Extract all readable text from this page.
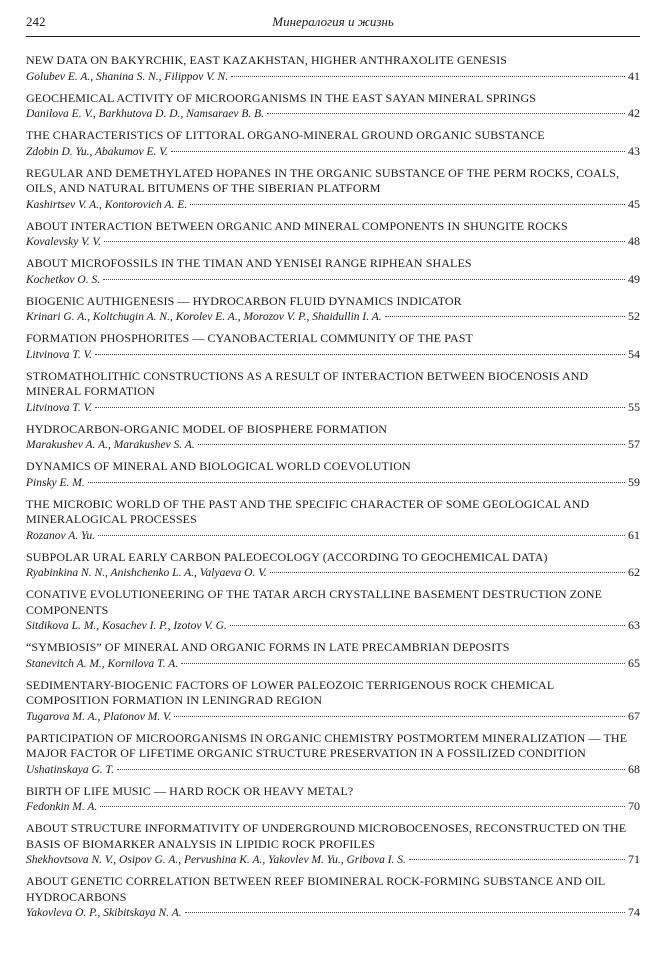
242	Минералогия и жизнь
NEW DATA ON BAKYRCHIK, EAST KAZAKHSTAN, HIGHER ANTHRAXOLITE GENESIS
Golubev E. A., Shanina S. N., Filippov V. N.	41
GEOCHEMICAL ACTIVITY OF MICROORGANISMS IN THE EAST SAYAN MINERAL SPRINGS
Danilova E. V., Barkhutova D. D., Namsaraev B. B.	42
THE CHARACTERISTICS OF LITTORAL ORGANO-MINERAL GROUND ORGANIC SUBSTANCE
Zdobin D. Yu., Abakumov E. V.	43
REGULAR AND DEMETHYLATED HOPANES IN THE ORGANIC SUBSTANCE OF THE PERM ROCKS, COALS, OILS, AND NATURAL BITUMENS OF THE SIBERIAN PLATFORM
Kashirtsev V. A., Kontorovich A. E.	45
ABOUT INTERACTION BETWEEN ORGANIC AND MINERAL COMPONENTS IN SHUNGITE ROCKS
Kovalevsky V. V.	48
ABOUT MICROFOSSILS IN THE TIMAN AND YENISEI RANGE RIPHEAN SHALES
Kochetkov O. S.	49
BIOGENIC AUTHIGENESIS — HYDROCARBON FLUID DYNAMICS INDICATOR
Krinari G. A., Koltchugin A. N., Korolev E. A., Morozov V. P., Shaidullin I. A.	52
FORMATION PHOSPHORITES — CYANOBACTERIAL COMMUNITY OF THE PAST
Litvinova T. V.	54
STROMATHOLITHIC CONSTRUCTIONS AS A RESULT OF INTERACTION BETWEEN BIOCENOSIS AND MINERAL FORMATION
Litvinova T. V.	55
HYDROCARBON-ORGANIC MODEL OF BIOSPHERE FORMATION
Marakushev A. A., Marakushev S. A.	57
DYNAMICS OF MINERAL AND BIOLOGICAL WORLD COEVOLUTION
Pinsky E. M.	59
THE MICROBIC WORLD OF THE PAST AND THE SPECIFIC CHARACTER OF SOME GEOLOGICAL AND MINERALOGICAL PROCESSES
Rozanov A. Yu.	61
SUBPOLAR URAL EARLY CARBON PALEOECOLOGY (ACCORDING TO GEOCHEMICAL DATA)
Ryabinkina N. N., Anishchenko L. A., Valyaeva O. V.	62
CONATIVE EVOLUTIONEERING OF THE TATAR ARCH CRYSTALLINE BASEMENT DESTRUCTION ZONE COMPONENTS
Sitdikova L. M., Kosachev I. P., Izotov V. G.	63
“SYMBIOSIS” OF MINERAL AND ORGANIC FORMS IN LATE PRECAMBRIAN DEPOSITS
Stanevitch A. M., Kornilova T. A.	65
SEDIMENTARY-BIOGENIC FACTORS OF LOWER PALEOZOIC TERRIGENOUS ROCK CHEMICAL COMPOSITION FORMATION IN LENINGRAD REGION
Tugarova M. A., Platonov M. V.	67
PARTICIPATION OF MICROORGANISMS IN ORGANIC CHEMISTRY POSTMORTEM MINERALIZATION — THE MAJOR FACTOR OF LIFETIME ORGANIC STRUCTURE PRESERVATION IN A FOSSILIZED CONDITION
Ushatinskaya G. T.	68
BIRTH OF LIFE MUSIC — HARD ROCK OR HEAVY METAL?
Fedonkin M. A.	70
ABOUT STRUCTURE INFORMATIVITY OF UNDERGROUND MICROBOCENOSES, RECONSTRUCTED ON THE BASIS OF BIOMARKER ANALYSIS IN LIPIDIC ROCK PROFILES
Shekhovtsova N. V., Osipov G. A., Pervushina K. A., Yakovlev M. Yu., Gribova I. S.	71
ABOUT GENETIC CORRELATION BETWEEN REEF BIOMINERAL ROCK-FORMING SUBSTANCE AND OIL HYDROCARBONS
Yakovleva O. P., Skibitskaya N. A.	74
